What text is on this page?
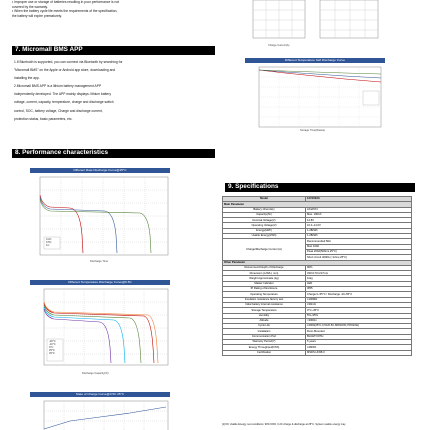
• Improper use or storage of batteries resulting in poor performance is not
covered by the warranty.
• When the battery cycle life meets the requirements of the specification,
the battery will expire prematurely.
7. Micromall BMS APP
1.If Bluetooth is supported, you can connect via Bluetooth by searching for
"Micromall BMS" on the Apple or Android app store, downloading and
installing the app.
2.Micromall BMS APP is a lithium battery management APP
independently developed. The APP mainly displays: lithium battery
voltage, current, capacity, temperature, charge and discharge switch
control, SOC, battery voltage, Charge and discharge current,
protection status, basic parameters, etc.
8. Performance characteristics
Charge Current(A)
Different Temperature Self Discharge Curve
Storage Time(Weeks)
Different Rate Discharge Curve@25°C
0.2C
0.5C
1C
Discharge Time
Different Temperature Discharge Curve@0.5C
-20°C
-10°C
0°C
25°C
45°C
Discharge Capacity(%)
State of Charge Curve@0.5C 25°C
9. Specifications
Model	12V100Ah
Main Parameter	
Battery Chemistry	LiFePO4
Capacity(Ah)	Max. 100Ah
Nominal Voltage(V)	12.8V
Operating Voltage(V)	10.0~14.6V
Energy(kWh)	1.28kWh
Usable Energy(kWh)	1.28kWh
Charge/Discharge Current (A)	Recommended 50A
	Max 100A
	Peak 200A(500ms,25°C)
	Short circuit 4000A (<12ms,25°C)
Other Parameter	
Recommend Depth of Discharge	90%
Dimension (L/W/H, mm)	330×173×217mm
Weight Approximate (kg)	11kg
Master Indicator	LED
IP Rating of Enclosure	IP65
Operating Temperature	Charge 0~55°C / Discharge -20~55°C
Insulation resistance factory test	≥100MΩ
Initial battery internal resistance	≤30mΩ
Storage Temperature	0°C~35°C
Humidity	5%~95%
Altitude	<2000m
Cycle Life	≥4000(25°C,0.5C/0.5C,80%DOD,70%SOH)
Installation	Floor-Mounted
Communication Port	BLUETOOTH
Warranty Period(Y)	5 years
Energy Throughput(KWh)	≥4MWh
Certification	MSDS,UN38.3
[1] DC Usable Energy, test conditions: 90% DOD, 0.2C charge & discharge at 25°C, System usable energy may
